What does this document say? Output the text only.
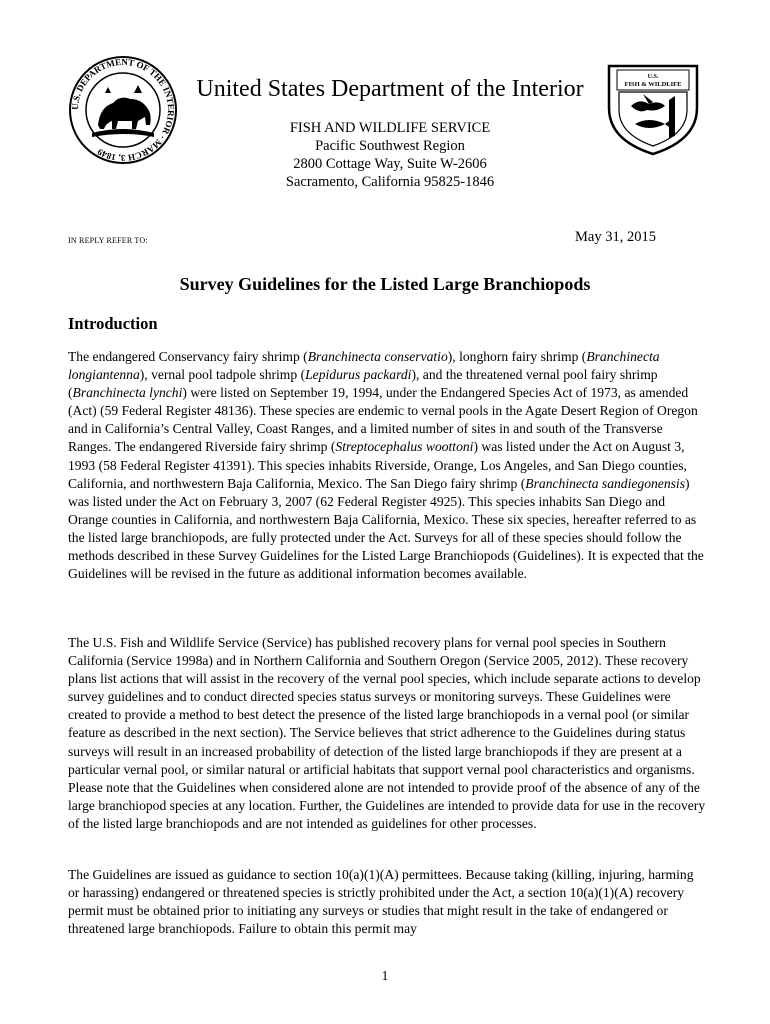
U.S. DEPARTMENT OF THE INTERIOR · MARCH 3, 1849
U.S.
FISH & WILDLIFE
United States Department of the Interior
FISH AND WILDLIFE SERVICE
Pacific Southwest Region
2800 Cottage Way, Suite W-2606
Sacramento, California 95825-1846
IN REPLY REFER TO:	May 31, 2015
Survey Guidelines for the Listed Large Branchiopods
Introduction

The endangered Conservancy fairy shrimp (Branchinecta conservatio), longhorn fairy shrimp (Branchinecta longiantenna), vernal pool tadpole shrimp (Lepidurus packardi), and the threatened vernal pool fairy shrimp (Branchinecta lynchi) were listed on September 19, 1994, under the Endangered Species Act of 1973, as amended (Act) (59 Federal Register 48136). These species are endemic to vernal pools in the Agate Desert Region of Oregon and in California’s Central Valley, Coast Ranges, and a limited number of sites in and south of the Transverse Ranges. The endangered Riverside fairy shrimp (Streptocephalus woottoni) was listed under the Act on August 3, 1993 (58 Federal Register 41391). This species inhabits Riverside, Orange, Los Angeles, and San Diego counties, California, and northwestern Baja California, Mexico. The San Diego fairy shrimp (Branchinecta sandiegonensis) was listed under the Act on February 3, 2007 (62 Federal Register 4925). This species inhabits San Diego and Orange counties in California, and northwestern Baja California, Mexico. These six species, hereafter referred to as the listed large branchiopods, are fully protected under the Act. Surveys for all of these species should follow the methods described in these Survey Guidelines for the Listed Large Branchiopods (Guidelines). It is expected that the Guidelines will be revised in the future as additional information becomes available.

The U.S. Fish and Wildlife Service (Service) has published recovery plans for vernal pool species in Southern California (Service 1998a) and in Northern California and Southern Oregon (Service 2005, 2012). These recovery plans list actions that will assist in the recovery of the vernal pool species, which include separate actions to develop survey guidelines and to conduct directed species status surveys or monitoring surveys. These Guidelines were created to provide a method to best detect the presence of the listed large branchiopods in a vernal pool (or similar feature as described in the next section). The Service believes that strict adherence to the Guidelines during status surveys will result in an increased probability of detection of the listed large branchiopods if they are present at a particular vernal pool, or similar natural or artificial habitats that support vernal pool characteristics and organisms. Please note that the Guidelines when considered alone are not intended to provide proof of the absence of any of the large branchiopod species at any location. Further, the Guidelines are intended to provide data for use in the recovery of the listed large branchiopods and are not intended as guidelines for other processes.

The Guidelines are issued as guidance to section 10(a)(1)(A) permittees. Because taking (killing, injuring, harming or harassing) endangered or threatened species is strictly prohibited under the Act, a section 10(a)(1)(A) recovery permit must be obtained prior to initiating any surveys or studies that might result in the take of endangered or threatened large branchiopods. Failure to obtain this permit may

1
